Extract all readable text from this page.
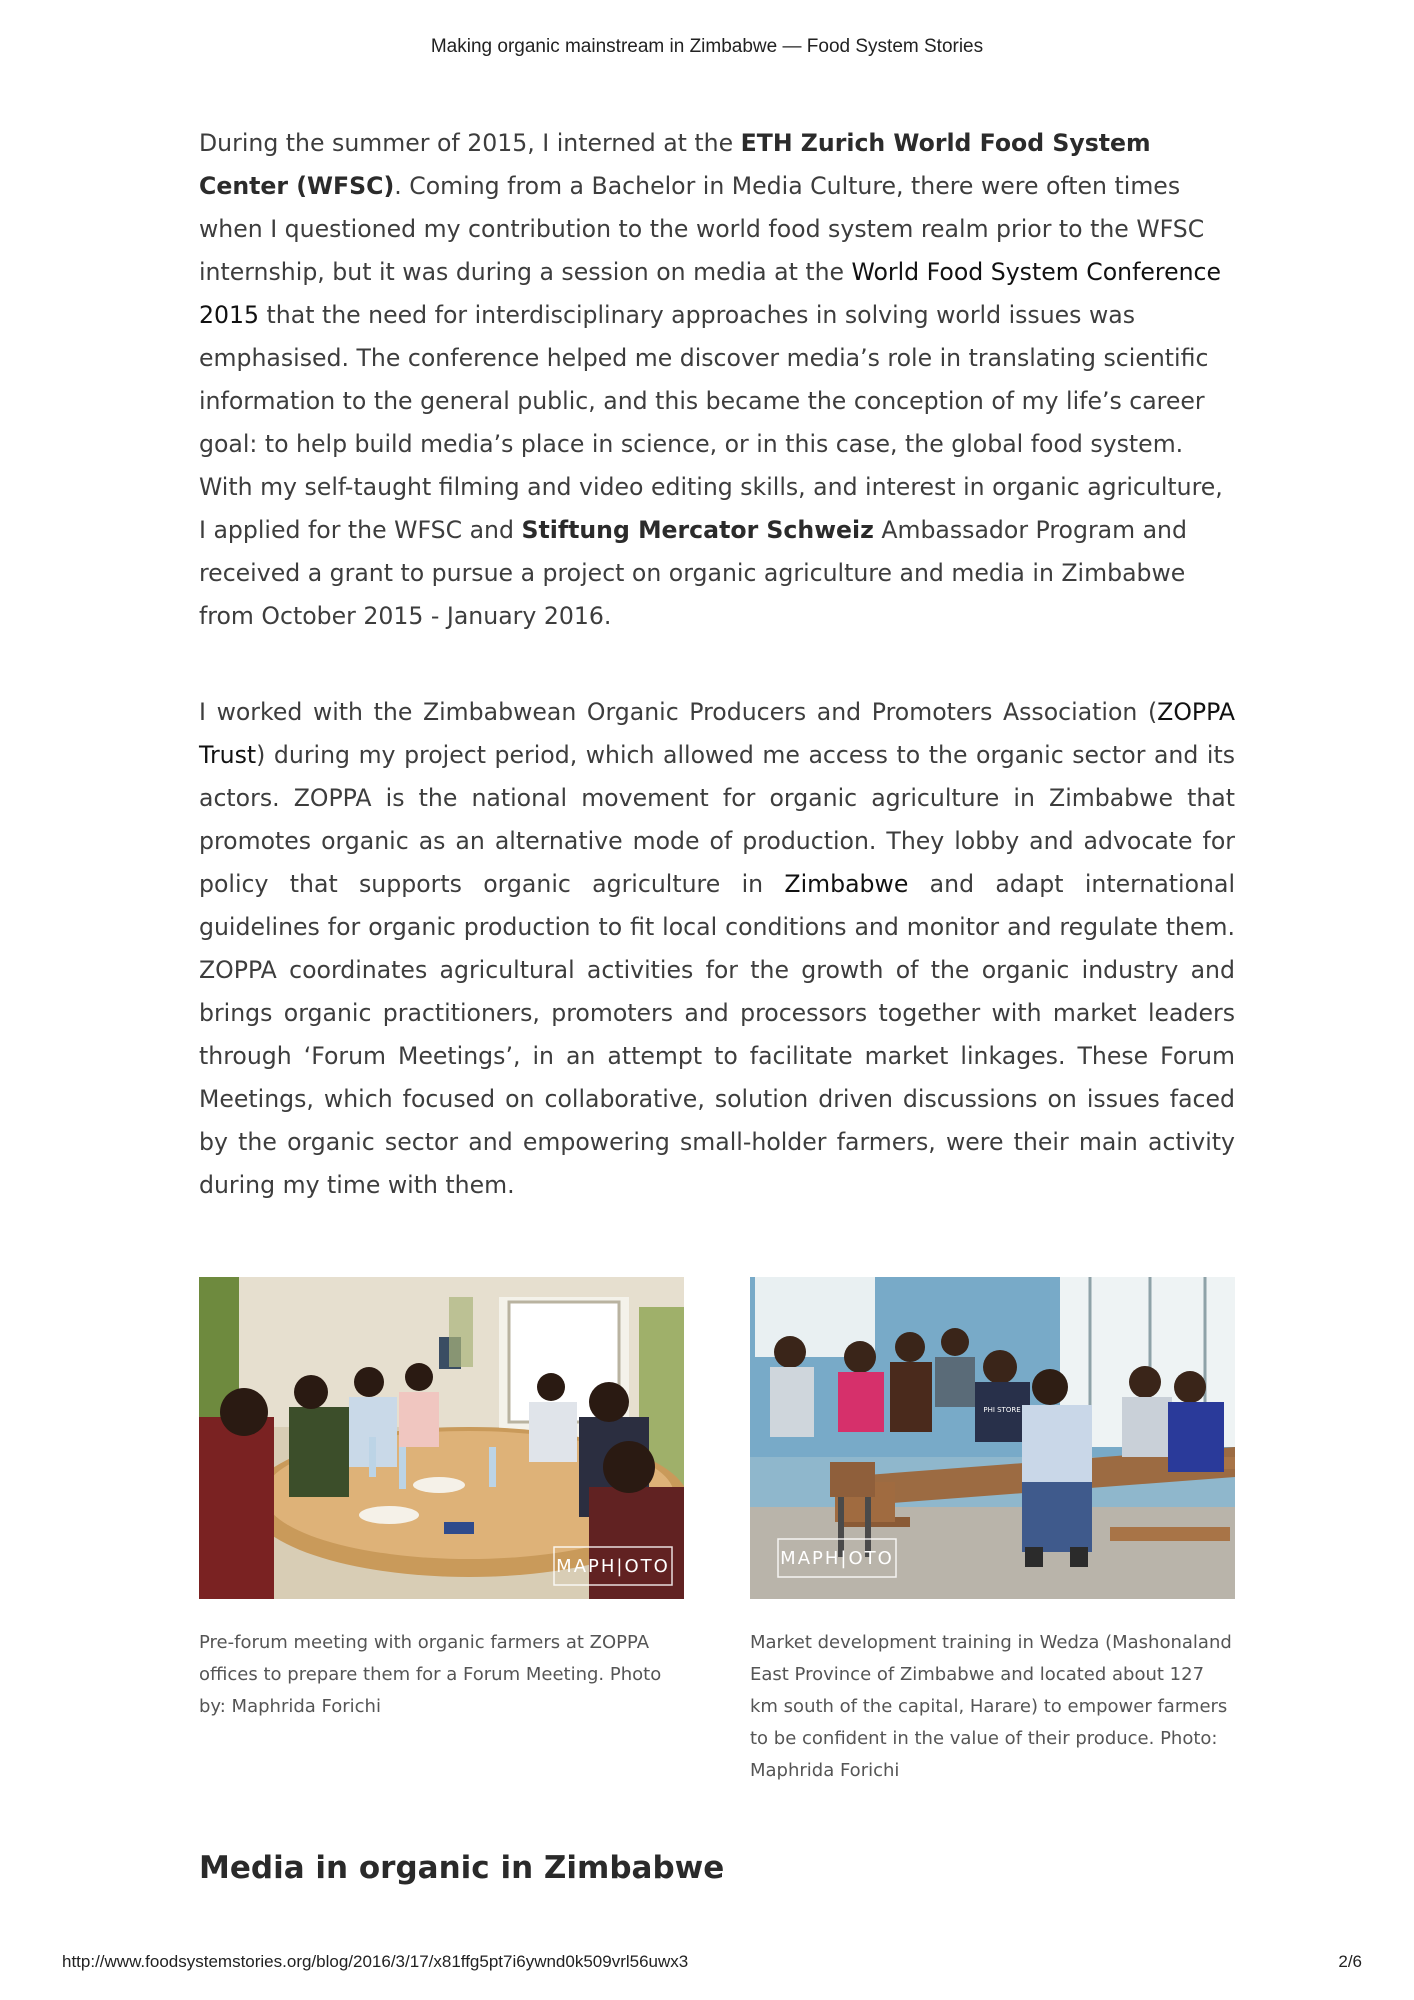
Making organic mainstream in Zimbabwe — Food System Stories

During the summer of 2015, I interned at the ETH Zurich World Food System Center (WFSC). Coming from a Bachelor in Media Culture, there were often times when I questioned my contribution to the world food system realm prior to the WFSC internship, but it was during a session on media at the World Food System Conference 2015 that the need for interdisciplinary approaches in solving world issues was emphasised. The conference helped me discover media’s role in translating scientific information to the general public, and this became the conception of my life’s career goal: to help build media’s place in science, or in this case, the global food system. With my self-taught filming and video editing skills, and interest in organic agriculture, I applied for the WFSC and Stiftung Mercator Schweiz Ambassador Program and received a grant to pursue a project on organic agriculture and media in Zimbabwe from October 2015 - January 2016.

I worked with the Zimbabwean Organic Producers and Promoters Association (ZOPPA Trust) during my project period, which allowed me access to the organic sector and its actors. ZOPPA is the national movement for organic agriculture in Zimbabwe that promotes organic as an alternative mode of production. They lobby and advocate for policy that supports organic agriculture in Zimbabwe and adapt international guidelines for organic production to fit local conditions and monitor and regulate them. ZOPPA coordinates agricultural activities for the growth of the organic industry and brings organic practitioners, promoters and processors together with market leaders through ‘Forum Meetings’, in an attempt to facilitate market linkages. These Forum Meetings, which focused on collaborative, solution driven discussions on issues faced by the organic sector and empowering small-holder farmers, were their main activity during my time with them.

MAPH|OTO
Pre-forum meeting with organic farmers at ZOPPA offices to prepare them for a Forum Meeting. Photo by: Maphrida Forichi
PHI STORE
MAPH|OTO
Market development training in Wedza (Mashonaland East Province of Zimbabwe and located about 127 km south of the capital, Harare) to empower farmers to be confident in the value of their produce. Photo: Maphrida Forichi
Media in organic in Zimbabwe
http://www.foodsystemstories.org/blog/2016/3/17/x81ffg5pt7i6ywnd0k509vrl56uwx3	2/6
